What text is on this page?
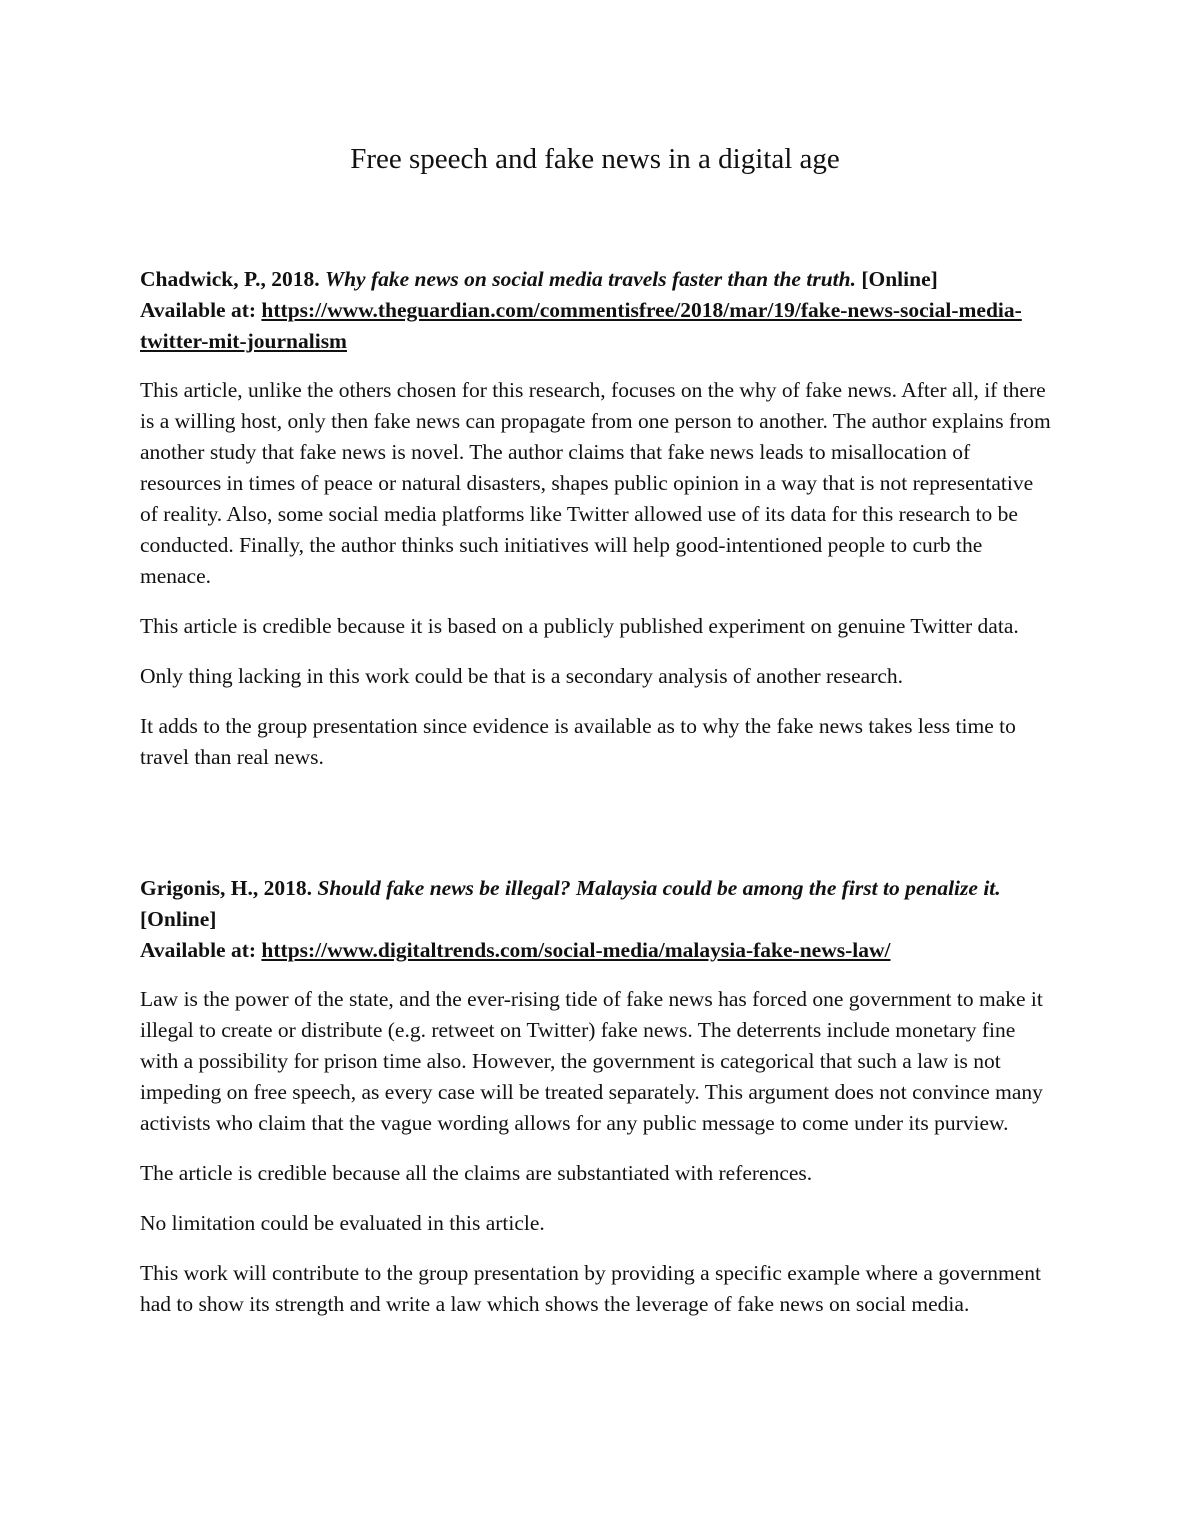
Free speech and fake news in a digital age

Chadwick, P., 2018. Why fake news on social media travels faster than the truth. [Online]
Available at: https://www.theguardian.com/commentisfree/2018/mar/19/fake-news-social-media-twitter-mit-journalism

This article, unlike the others chosen for this research, focuses on the why of fake news. After all, if there is a willing host, only then fake news can propagate from one person to another. The author explains from another study that fake news is novel. The author claims that fake news leads to misallocation of resources in times of peace or natural disasters, shapes public opinion in a way that is not representative of reality. Also, some social media platforms like Twitter allowed use of its data for this research to be conducted. Finally, the author thinks such initiatives will help good-intentioned people to curb the menace.

This article is credible because it is based on a publicly published experiment on genuine Twitter data.

Only thing lacking in this work could be that is a secondary analysis of another research.

It adds to the group presentation since evidence is available as to why the fake news takes less time to travel than real news.

Grigonis, H., 2018. Should fake news be illegal? Malaysia could be among the first to penalize it. [Online]
Available at: https://www.digitaltrends.com/social-media/malaysia-fake-news-law/

Law is the power of the state, and the ever-rising tide of fake news has forced one government to make it illegal to create or distribute (e.g. retweet on Twitter) fake news. The deterrents include monetary fine with a possibility for prison time also. However, the government is categorical that such a law is not impeding on free speech, as every case will be treated separately. This argument does not convince many activists who claim that the vague wording allows for any public message to come under its purview.

The article is credible because all the claims are substantiated with references.

No limitation could be evaluated in this article.

This work will contribute to the group presentation by providing a specific example where a government had to show its strength and write a law which shows the leverage of fake news on social media.
